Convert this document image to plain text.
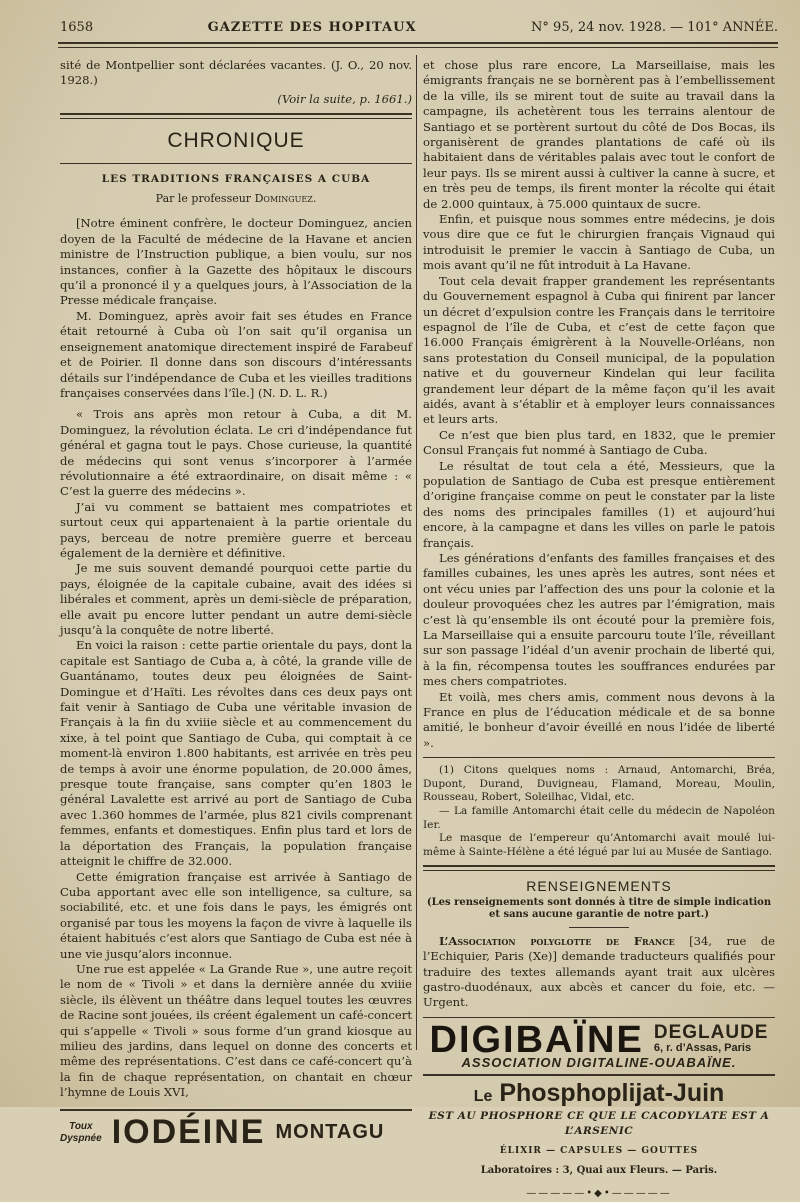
1658	GAZETTE DES HOPITAUX	N° 95, 24 nov. 1928. — 101° ANNÉE.

sité de Montpellier sont déclarées vacantes. (J. O., 20 nov. 1928.)

(Voir la suite, p. 1661.)
CHRONIQUE
LES TRADITIONS FRANÇAISES A CUBA
Par le professeur Dominguez.

[Notre éminent confrère, le docteur Dominguez, ancien doyen de la Faculté de médecine de la Havane et ancien ministre de l’Instruction publique, a bien voulu, sur nos instances, confier à la Gazette des hôpitaux le discours qu’il a prononcé il y a quelques jours, à l’Association de la Presse médicale française.

M. Dominguez, après avoir fait ses études en France était retourné à Cuba où l’on sait qu’il organisa un enseignement anatomique directement inspiré de Farabeuf et de Poirier. Il donne dans son discours d’intéressants détails sur l’indépendance de Cuba et les vieilles traditions françaises conservées dans l’île.] (N. D. L. R.)

« Trois ans après mon retour à Cuba, a dit M. Dominguez, la révolution éclata. Le cri d’indépendance fut général et gagna tout le pays. Chose curieuse, la quantité de médecins qui sont venus s’incorporer à l’armée révolutionnaire a été extraordinaire, on disait même : « C’est la guerre des médecins ».

J’ai vu comment se battaient mes compatriotes et surtout ceux qui appartenaient à la partie orientale du pays, berceau de notre première guerre et berceau également de la dernière et définitive.

Je me suis souvent demandé pourquoi cette partie du pays, éloignée de la capitale cubaine, avait des idées si libérales et comment, après un demi-siècle de préparation, elle avait pu encore lutter pendant un autre demi-siècle jusqu’à la conquête de notre liberté.

En voici la raison : cette partie orientale du pays, dont la capitale est Santiago de Cuba a, à côté, la grande ville de Guantánamo, toutes deux peu éloignées de Saint-Domingue et d’Haïti. Les révoltes dans ces deux pays ont fait venir à Santiago de Cuba une véritable invasion de Français à la fin du xviiie siècle et au commencement du xixe, à tel point que Santiago de Cuba, qui comptait à ce moment-là environ 1.800 habitants, est arrivée en très peu de temps à avoir une énorme population, de 20.000 âmes, presque toute française, sans compter qu’en 1803 le général Lavalette est arrivé au port de Santiago de Cuba avec 1.360 hommes de l’armée, plus 821 civils comprenant femmes, enfants et domestiques. Enfin plus tard et lors de la déportation des Français, la population française atteignit le chiffre de 32.000.

Cette émigration française est arrivée à Santiago de Cuba apportant avec elle son intelligence, sa culture, sa sociabilité, etc. et une fois dans le pays, les émigrés ont organisé par tous les moyens la façon de vivre à laquelle ils étaient habitués c’est alors que Santiago de Cuba est née à une vie jusqu’alors inconnue.

Une rue est appelée « La Grande Rue », une autre reçoit le nom de « Tivoli » et dans la dernière année du xviiie siècle, ils élèvent un théâtre dans lequel toutes les œuvres de Racine sont jouées, ils créent également un café-concert qui s’appelle « Tivoli » sous forme d’un grand kiosque au milieu des jardins, dans lequel on donne des concerts et même des représentations. C’est dans ce café-concert qu’à la fin de chaque représentation, on chantait en chœur l’hymne de Louis XVI,

Toux
Dyspnée IODÉINE MONTAGU

et chose plus rare encore, La Marseillaise, mais les émigrants français ne se bornèrent pas à l’embellissement de la ville, ils se mirent tout de suite au travail dans la campagne, ils achetèrent tous les terrains alentour de Santiago et se portèrent surtout du côté de Dos Bocas, ils organisèrent de grandes plantations de café où ils habitaient dans de véritables palais avec tout le confort de leur pays. Ils se mirent aussi à cultiver la canne à sucre, et en très peu de temps, ils firent monter la récolte qui était de 2.000 quintaux, à 75.000 quintaux de sucre.

Enfin, et puisque nous sommes entre médecins, je dois vous dire que ce fut le chirurgien français Vignaud qui introduisit le premier le vaccin à Santiago de Cuba, un mois avant qu’il ne fût introduit à La Havane.

Tout cela devait frapper grandement les représentants du Gouvernement espagnol à Cuba qui finirent par lancer un décret d’expulsion contre les Français dans le territoire espagnol de l’île de Cuba, et c’est de cette façon que 16.000 Français émigrèrent à la Nouvelle-Orléans, non sans protestation du Conseil municipal, de la population native et du gouverneur Kindelan qui leur facilita grandement leur départ de la même façon qu’il les avait aidés, avant à s’établir et à employer leurs connaissances et leurs arts.

Ce n’est que bien plus tard, en 1832, que le premier Consul Français fut nommé à Santiago de Cuba.

Le résultat de tout cela a été, Messieurs, que la population de Santiago de Cuba est presque entièrement d’origine française comme on peut le constater par la liste des noms des principales familles (1) et aujourd’hui encore, à la campagne et dans les villes on parle le patois français.

Les générations d’enfants des familles françaises et des familles cubaines, les unes après les autres, sont nées et ont vécu unies par l’affection des uns pour la colonie et la douleur provoquées chez les autres par l’émigration, mais c’est là qu’ensemble ils ont écouté pour la première fois, La Marseillaise qui a ensuite parcouru toute l’île, réveillant sur son passage l’idéal d’un avenir prochain de liberté qui, à la fin, récompensa toutes les souffrances endurées par mes chers compatriotes.

Et voilà, mes chers amis, comment nous devons à la France en plus de l’éducation médicale et de sa bonne amitié, le bonheur d’avoir éveillé en nous l’idée de liberté ».

(1) Citons quelques noms : Arnaud, Antomarchi, Bréa, Dupont, Durand, Duvigneau, Flamand, Moreau, Moulin, Rousseau, Robert, Soleilhac, Vidal, etc.

— La famille Antomarchi était celle du médecin de Napoléon Ier.

Le masque de l’empereur qu’Antomarchi avait moulé lui-même à Sainte-Hélène a été légué par lui au Musée de Santiago.

RENSEIGNEMENTS
(Les renseignements sont donnés à titre de simple indication et sans aucune garantie de notre part.)

L’Association polyglotte de France [34, rue de l’Echiquier, Paris (Xe)] demande traducteurs qualifiés pour traduire des textes allemands ayant trait aux ulcères gastro-duodénaux, aux abcès et cancer du foie, etc. — Urgent.

DIGIBAÏNE DEGLAUDE
6, r. d’Assas, Paris
ASSOCIATION DIGITALINE-OUABAÏNE.
Le Phosphoplijat-Juin
EST AU PHOSPHORE CE QUE LE CACODYLATE EST A L’ARSENIC
ÉLIXIR — CAPSULES — GOUTTES
Laboratoires : 3, Quai aux Fleurs. — Paris.
—————•◆•—————
